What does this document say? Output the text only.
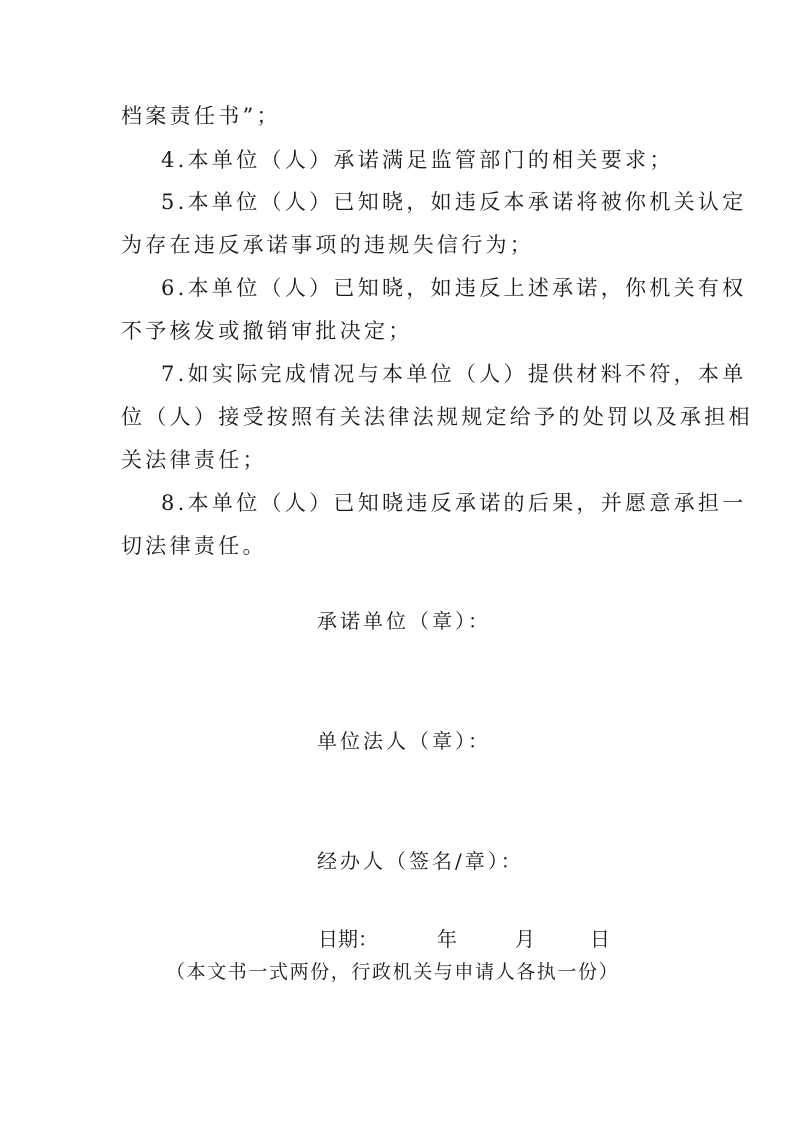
档案责任书”；
4.本单位（人）承诺满足监管部门的相关要求；
5.本单位（人）已知晓，如违反本承诺将被你机关认定
为存在违反承诺事项的违规失信行为；
6.本单位（人）已知晓，如违反上述承诺，你机关有权
不予核发或撤销审批决定；
7.如实际完成情况与本单位（人）提供材料不符，本单
位（人）接受按照有关法律法规规定给予的处罚以及承担相
关法律责任；
8.本单位（人）已知晓违反承诺的后果，并愿意承担一
切法律责任。
承诺单位（章）：
单位法人（章）：
经办人（签名/章）：
日期：	年	月	日
（本文书一式两份，行政机关与申请人各执一份）
